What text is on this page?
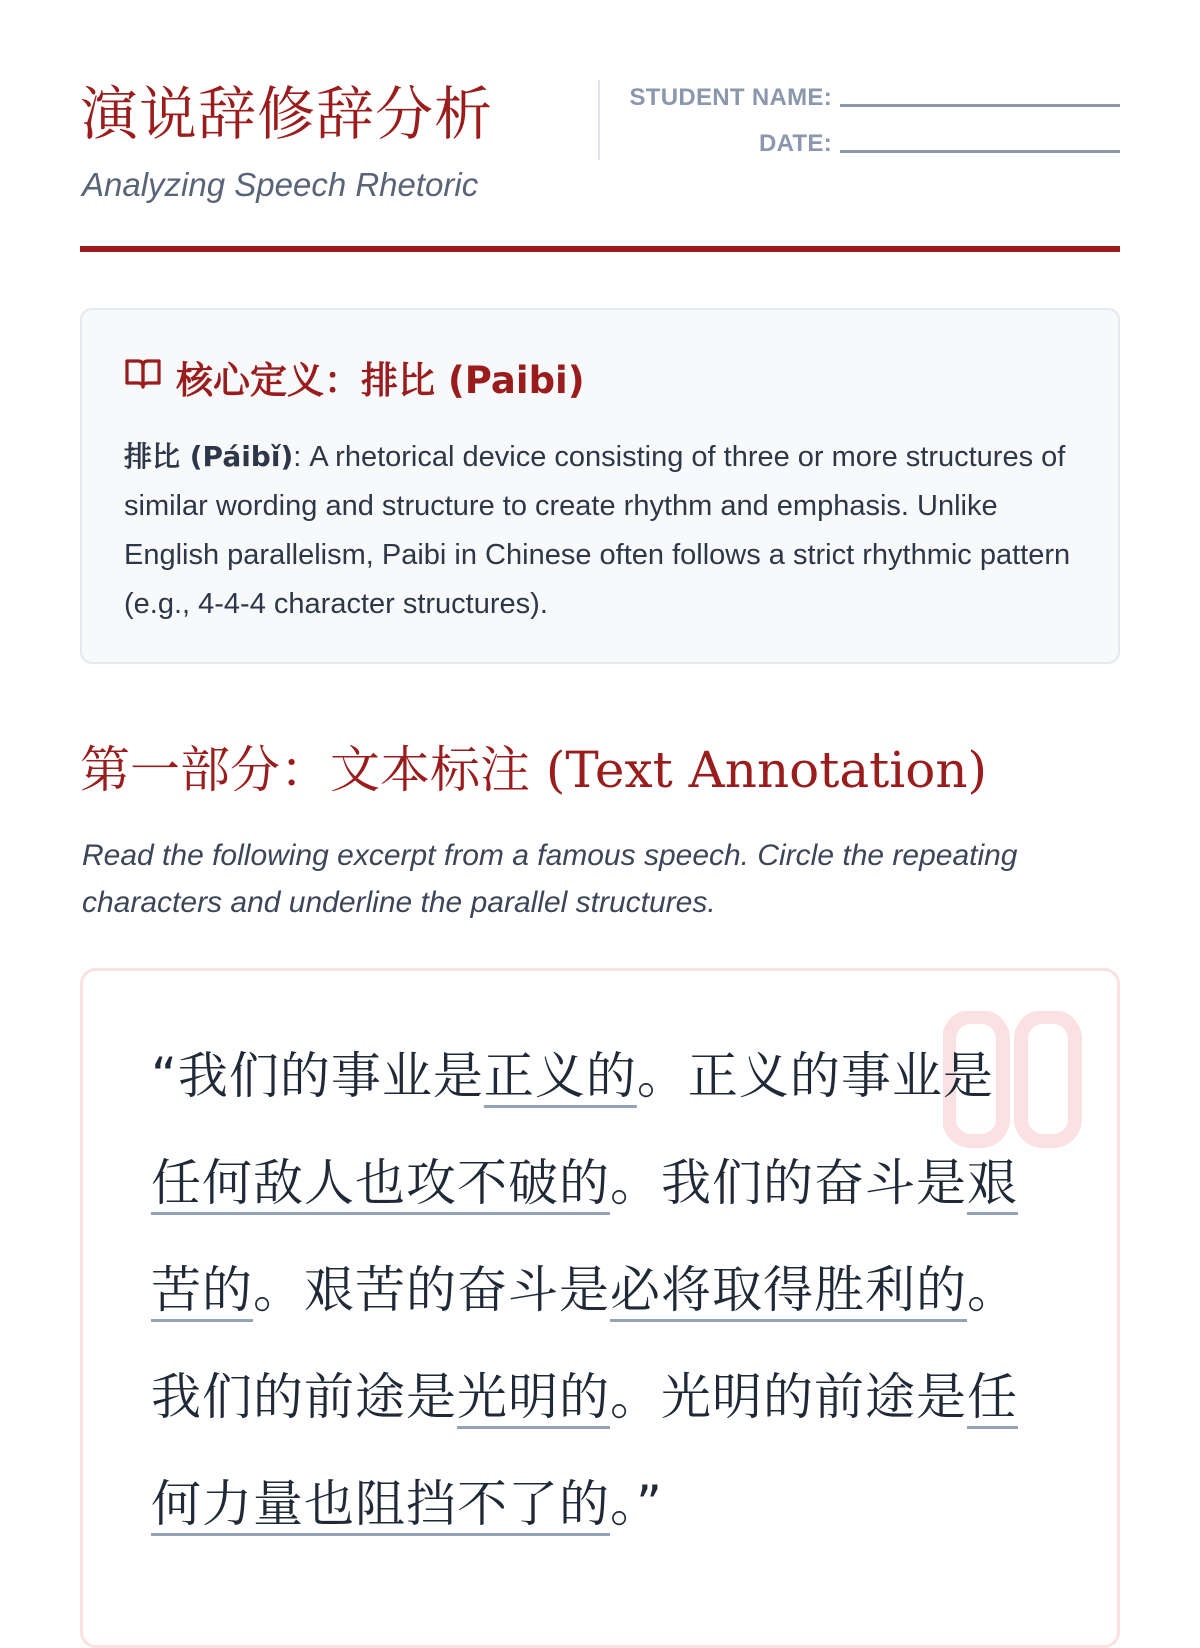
演说辞修辞分析
Analyzing Speech Rhetoric
STUDENT NAME:
DATE:
核心定义：排比 (Paibi)
排比 (Páibǐ): A rhetorical device consisting of three or more structures of similar wording and structure to create rhythm and emphasis. Unlike English parallelism, Paibi in Chinese often follows a strict rhythmic pattern (e.g., 4-4-4 character structures).
第一部分：文本标注 (Text Annotation)
Read the following excerpt from a famous speech. Circle the repeating characters and underline the parallel structures.
“我们的事业是正义的。正义的事业是任何敌人也攻不破的。我们的奋斗是艰苦的。艰苦的奋斗是必将取得胜利的。我们的前途是光明的。光明的前途是任何力量也阻挡不了的。”
